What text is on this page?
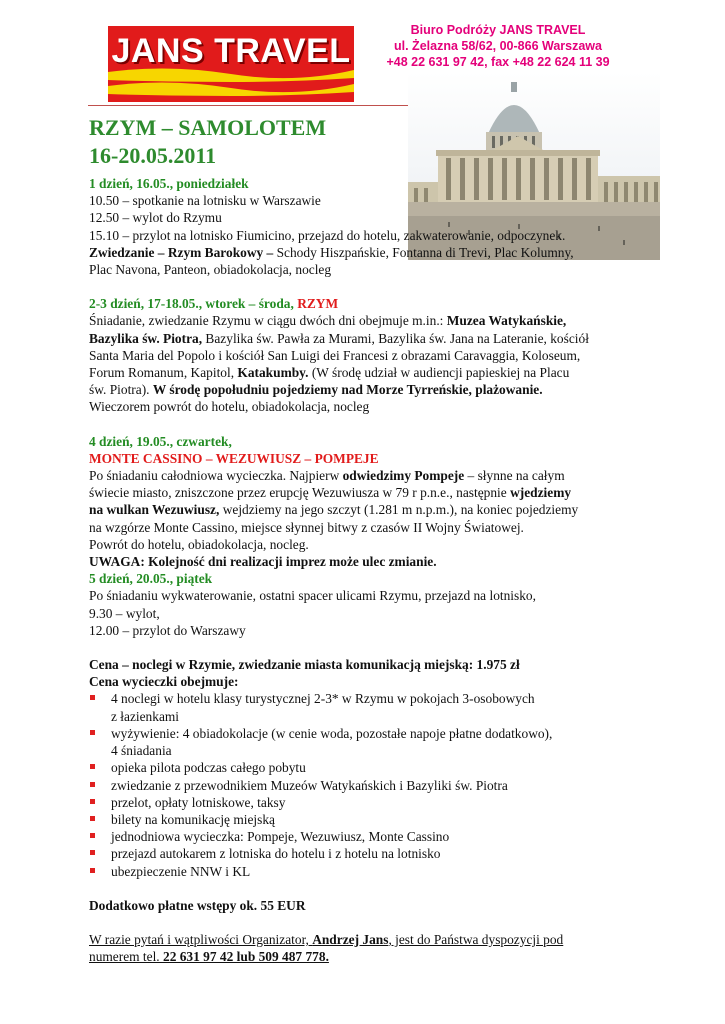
JANS TRAVEL
Biuro Podróży JANS TRAVEL
ul. Żelazna 58/62, 00-866 Warszawa
+48 22 631 97 42, fax +48 22 624 11 39
RZYM – SAMOLOTEM
16-20.05.2011

1 dzień, 16.05., poniedziałek

10.50 – spotkanie na lotnisku w Warszawie

12.50 – wylot do Rzymu

15.10 – przylot na lotnisko Fiumicino, przejazd do hotelu, zakwaterowanie, odpoczynek.

Zwiedzanie – Rzym Barokowy – Schody Hiszpańskie, Fontanna di Trevi, Plac Kolumny,

Plac Navona, Panteon, obiadokolacja, nocleg

2-3 dzień, 17-18.05., wtorek – środa, RZYM

Śniadanie, zwiedzanie Rzymu w ciągu dwóch dni obejmuje m.in.: Muzea Watykańskie,

Bazylika św. Piotra, Bazylika św. Pawła za Murami, Bazylika św. Jana na Lateranie, kościół

Santa Maria del Popolo i kościół San Luigi dei Francesi z obrazami Caravaggia, Koloseum,

Forum Romanum, Kapitol, Katakumby. (W środę udział w audiencji papieskiej na Placu

św. Piotra). W środę popołudniu pojedziemy nad Morze Tyrreńskie, plażowanie.

Wieczorem powrót do hotelu, obiadokolacja, nocleg

4 dzień, 19.05., czwartek,

MONTE CASSINO – WEZUWIUSZ – POMPEJE

Po śniadaniu całodniowa wycieczka. Najpierw odwiedzimy Pompeje – słynne na całym

świecie miasto, zniszczone przez erupcję Wezuwiusza w 79 r p.n.e., następnie wjedziemy

na wulkan Wezuwiusz, wejdziemy na jego szczyt (1.281 m n.p.m.), na koniec pojedziemy

na wzgórze Monte Cassino, miejsce słynnej bitwy z czasów II Wojny Światowej.

Powrót do hotelu, obiadokolacja, nocleg.

UWAGA: Kolejność dni realizacji imprez może ulec zmianie.

5 dzień, 20.05., piątek

Po śniadaniu wykwaterowanie, ostatni spacer ulicami Rzymu, przejazd na lotnisko,

9.30 – wylot,

12.00 – przylot do Warszawy

Cena – noclegi w Rzymie, zwiedzanie miasta komunikacją miejską: 1.975 zł

Cena wycieczki obejmuje:

4 noclegi w hotelu klasy turystycznej 2-3* w Rzymu w pokojach 3-osobowych
z łazienkami
wyżywienie: 4 obiadokolacje (w cenie woda, pozostałe napoje płatne dodatkowo),
4 śniadania
opieka pilota podczas całego pobytu
zwiedzanie z przewodnikiem Muzeów Watykańskich i Bazyliki św. Piotra
przelot, opłaty lotniskowe, taksy
bilety na komunikację miejską
jednodniowa wycieczka: Pompeje, Wezuwiusz, Monte Cassino
przejazd autokarem z lotniska do hotelu i z hotelu na lotnisko
ubezpieczenie NNW i KL

Dodatkowo płatne wstępy ok. 55 EUR

W razie pytań i wątpliwości Organizator, Andrzej Jans, jest do Państwa dyspozycji pod

numerem tel. 22 631 97 42 lub 509 487 778.
